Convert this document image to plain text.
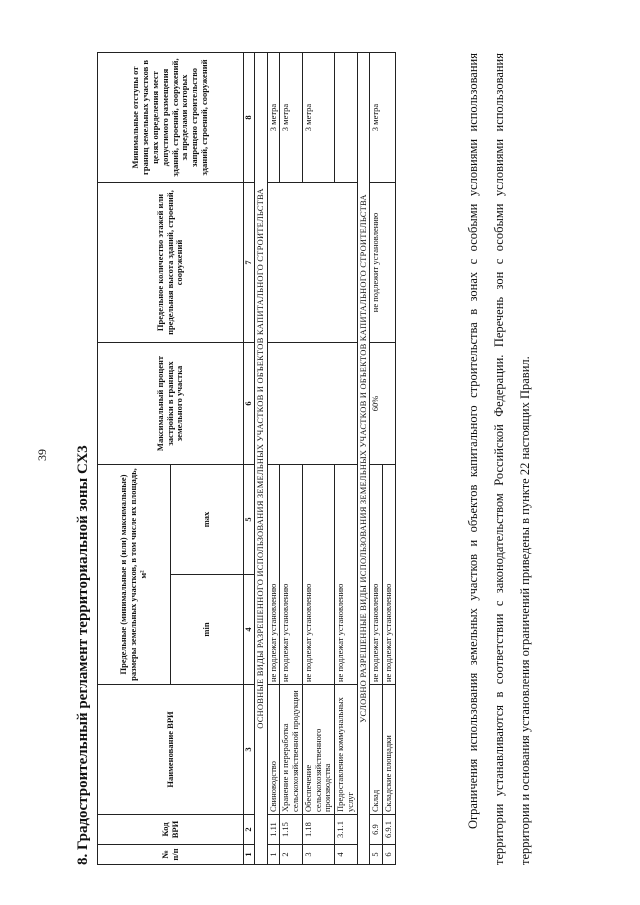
39 8. Градостроительный регламент территориальной зоны СХ3	№ п/п	Код ВРИ	Наименование ВРИ	Предельные (минимальные и (или) максимальные) размеры земельных участков, в том числе их площадь, м²		Максимальный процент застройки в границах земельного участка	Предельное количество этажей или предельная высота зданий, строений, сооружений	Минимальные отступы от границ земельных участков в целях определения мест допустимого размещения зданий, строений, сооружений, за пределами которых запрещено строительство зданий, строений, сооружений
			min	max			
1	2	3	4	5	6	7	8
ОСНОВНЫЕ ВИДЫ РАЗРЕШЕННОГО ИСПОЛЬЗОВАНИЯ ЗЕМЕЛЬНЫХ УЧАСТКОВ И ОБЪЕКТОВ КАПИТАЛЬНОГО СТРОИТЕЛЬСТВА							
1	1.11	Свиноводство	не подлежат установлению				3 метра
2	1.15	Хранение и переработка сельскохозяйственной продукции	не подлежат установлению				3 метра
3	1.18	Обеспечение сельскохозяйственного производства	не подлежат установлению				3 метра
4	3.1.1	Предоставление коммунальных услуг	не подлежат установлению				
УСЛОВНО РАЗРЕШЕННЫЕ ВИДЫ ИСПОЛЬЗОВАНИЯ ЗЕМЕЛЬНЫХ УЧАСТКОВ И ОБЪЕКТОВ КАПИТАЛЬНОГО СТРОИТЕЛЬСТВА							
5	6.9	Склад	не подлежат установлению		60%	не подлежит установлению	3 метра
6	6.9.1	Складские площадки	не подлежат установлению					Ограничения использования земельных участков и объектов капитального строительства в зонах с особыми условиями использования территории устанавливаются в соответствии с законодательством Российской Федерации. Перечень зон с особыми условиями использования территории и основания установления ограничений приведены в пункте 22 настоящих Правил.
